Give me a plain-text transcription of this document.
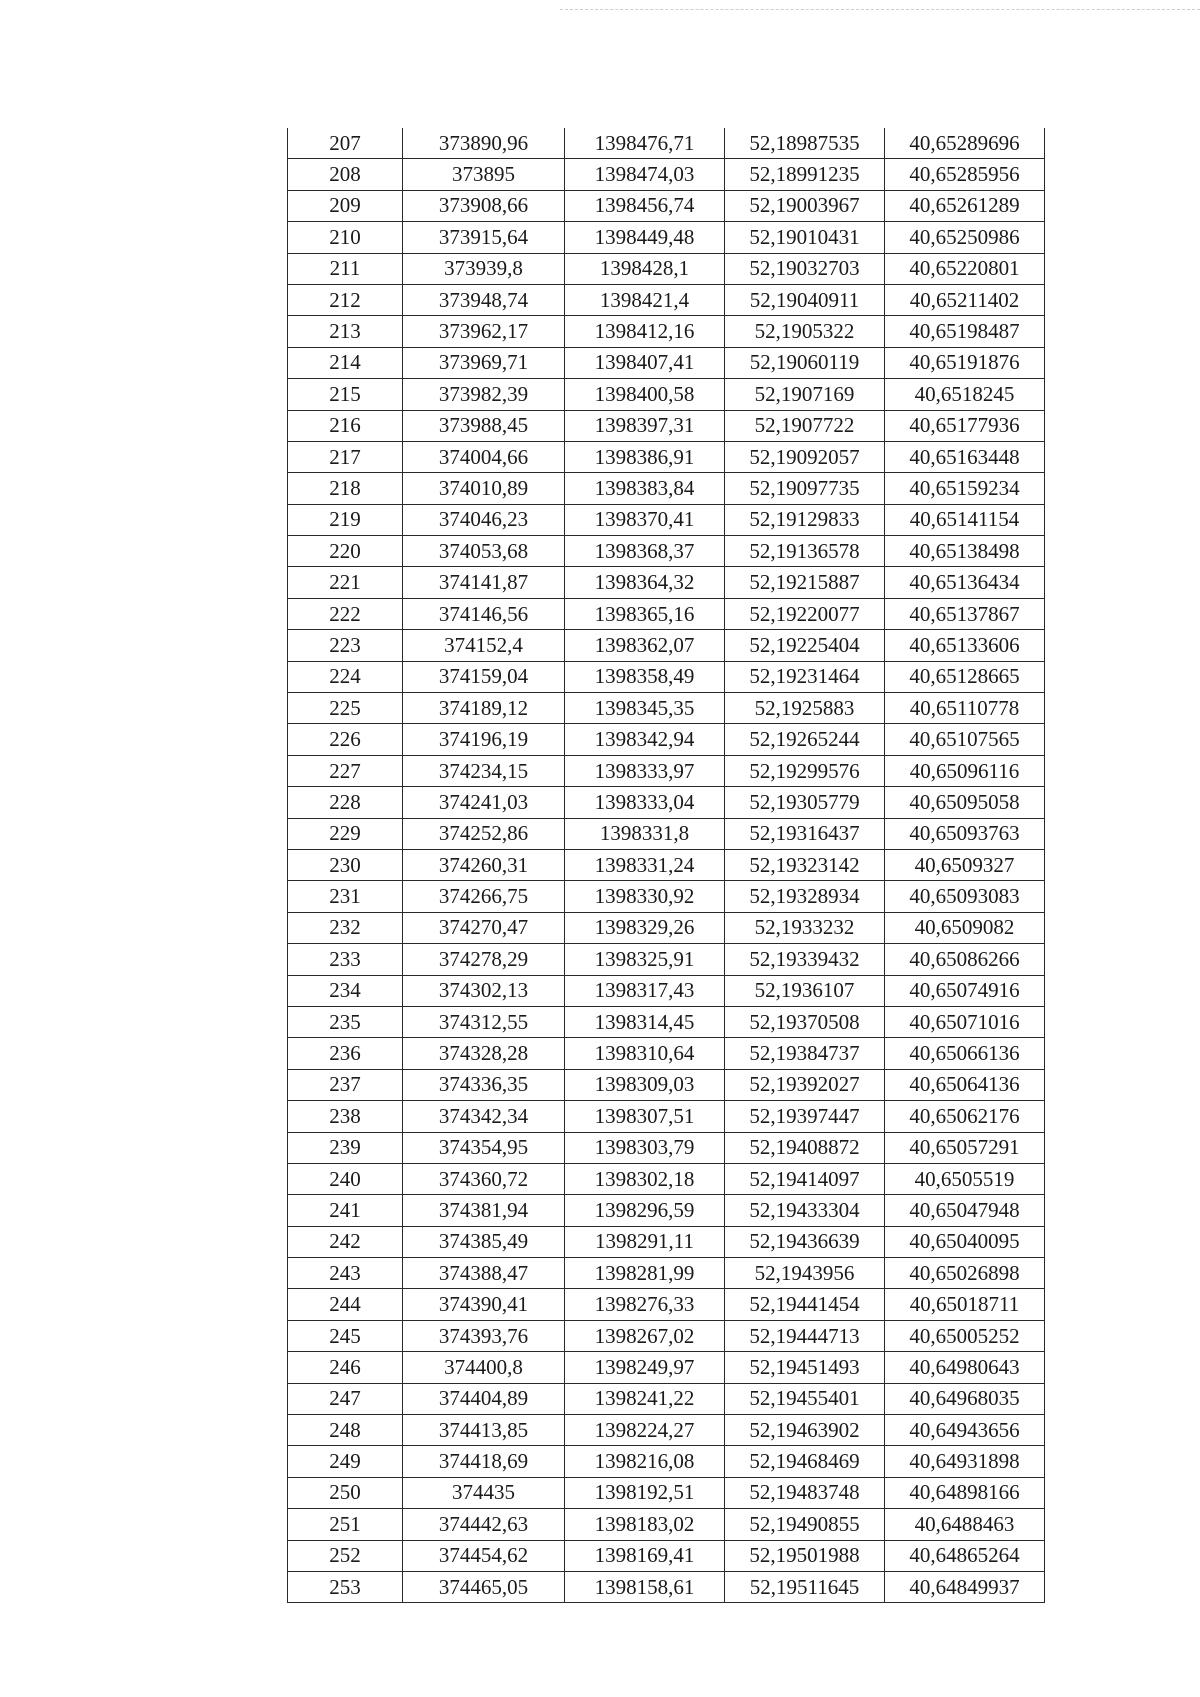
207	373890,96	1398476,71	52,18987535	40,65289696
208	373895	1398474,03	52,18991235	40,65285956
209	373908,66	1398456,74	52,19003967	40,65261289
210	373915,64	1398449,48	52,19010431	40,65250986
211	373939,8	1398428,1	52,19032703	40,65220801
212	373948,74	1398421,4	52,19040911	40,65211402
213	373962,17	1398412,16	52,1905322	40,65198487
214	373969,71	1398407,41	52,19060119	40,65191876
215	373982,39	1398400,58	52,1907169	40,6518245
216	373988,45	1398397,31	52,1907722	40,65177936
217	374004,66	1398386,91	52,19092057	40,65163448
218	374010,89	1398383,84	52,19097735	40,65159234
219	374046,23	1398370,41	52,19129833	40,65141154
220	374053,68	1398368,37	52,19136578	40,65138498
221	374141,87	1398364,32	52,19215887	40,65136434
222	374146,56	1398365,16	52,19220077	40,65137867
223	374152,4	1398362,07	52,19225404	40,65133606
224	374159,04	1398358,49	52,19231464	40,65128665
225	374189,12	1398345,35	52,1925883	40,65110778
226	374196,19	1398342,94	52,19265244	40,65107565
227	374234,15	1398333,97	52,19299576	40,65096116
228	374241,03	1398333,04	52,19305779	40,65095058
229	374252,86	1398331,8	52,19316437	40,65093763
230	374260,31	1398331,24	52,19323142	40,6509327
231	374266,75	1398330,92	52,19328934	40,65093083
232	374270,47	1398329,26	52,1933232	40,6509082
233	374278,29	1398325,91	52,19339432	40,65086266
234	374302,13	1398317,43	52,1936107	40,65074916
235	374312,55	1398314,45	52,19370508	40,65071016
236	374328,28	1398310,64	52,19384737	40,65066136
237	374336,35	1398309,03	52,19392027	40,65064136
238	374342,34	1398307,51	52,19397447	40,65062176
239	374354,95	1398303,79	52,19408872	40,65057291
240	374360,72	1398302,18	52,19414097	40,6505519
241	374381,94	1398296,59	52,19433304	40,65047948
242	374385,49	1398291,11	52,19436639	40,65040095
243	374388,47	1398281,99	52,1943956	40,65026898
244	374390,41	1398276,33	52,19441454	40,65018711
245	374393,76	1398267,02	52,19444713	40,65005252
246	374400,8	1398249,97	52,19451493	40,64980643
247	374404,89	1398241,22	52,19455401	40,64968035
248	374413,85	1398224,27	52,19463902	40,64943656
249	374418,69	1398216,08	52,19468469	40,64931898
250	374435	1398192,51	52,19483748	40,64898166
251	374442,63	1398183,02	52,19490855	40,6488463
252	374454,62	1398169,41	52,19501988	40,64865264
253	374465,05	1398158,61	52,19511645	40,64849937
